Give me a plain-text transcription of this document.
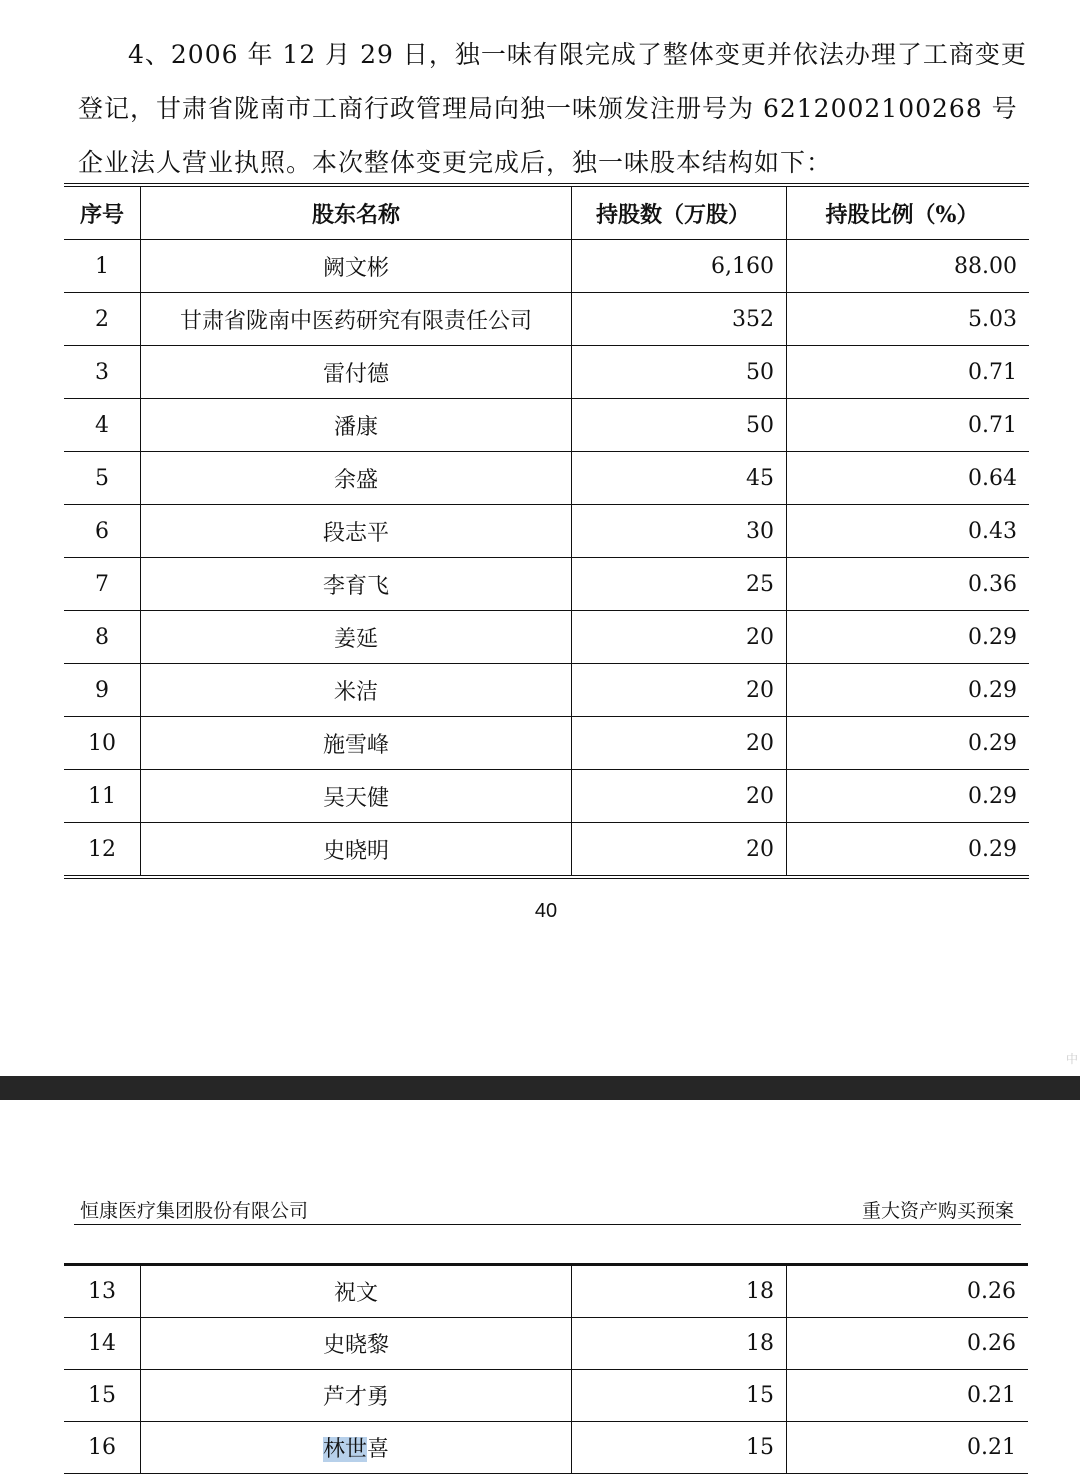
4、2006 年 12 月 29 日，独一味有限完成了整体变更并依法办理了工商变更登记，甘肃省陇南市工商行政管理局向独一味颁发注册号为 6212002100268 号企业法人营业执照。本次整体变更完成后，独一味股本结构如下：
序号	股东名称	持股数（万股）	持股比例（%）
1	阙文彬	6,160	88.00
2	甘肃省陇南中医药研究有限责任公司	352	5.03
3	雷付德	50	0.71
4	潘康	50	0.71
5	余盛	45	0.64
6	段志平	30	0.43
7	李育飞	25	0.36
8	姜延	20	0.29
9	米洁	20	0.29
10	施雪峰	20	0.29
11	吴天健	20	0.29
12	史晓明	20	0.29
40
中
恒康医疗集团股份有限公司	重大资产购买预案
13	祝文	18	0.26
14	史晓黎	18	0.26
15	芦才勇	15	0.21
16	林世喜	15	0.21
